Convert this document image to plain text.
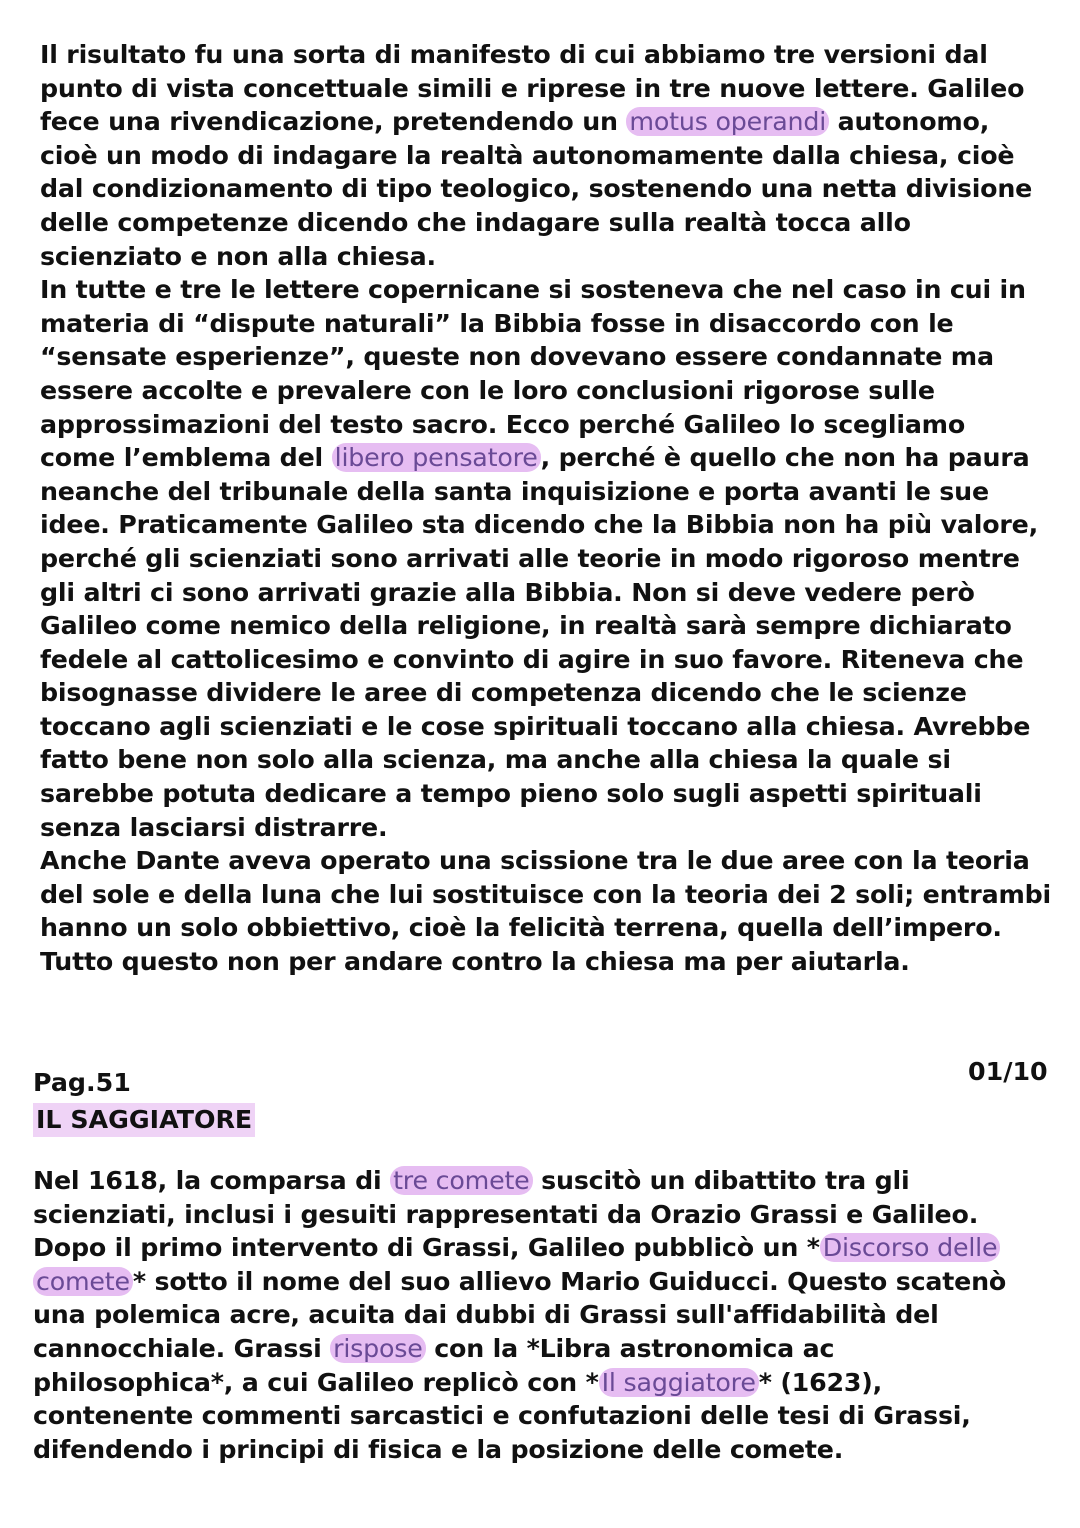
Il risultato fu una sorta di manifesto di cui abbiamo tre versioni dal
punto di vista concettuale simili e riprese in tre nuove lettere. Galileo
fece una rivendicazione, pretendendo un motus operandi autonomo,
cioè un modo di indagare la realtà autonomamente dalla chiesa, cioè
dal condizionamento di tipo teologico, sostenendo una netta divisione
delle competenze dicendo che indagare sulla realtà tocca allo
scienziato e non alla chiesa.
In tutte e tre le lettere copernicane si sosteneva che nel caso in cui in
materia di “dispute naturali” la Bibbia fosse in disaccordo con le
“sensate esperienze”, queste non dovevano essere condannate ma
essere accolte e prevalere con le loro conclusioni rigorose sulle
approssimazioni del testo sacro. Ecco perché Galileo lo scegliamo
come l’emblema del libero pensatore , perché è quello che non ha paura
neanche del tribunale della santa inquisizione e porta avanti le sue
idee. Praticamente Galileo sta dicendo che la Bibbia non ha più valore,
perché gli scienziati sono arrivati alle teorie in modo rigoroso mentre
gli altri ci sono arrivati grazie alla Bibbia. Non si deve vedere però
Galileo come nemico della religione, in realtà sarà sempre dichiarato
fedele al cattolicesimo e convinto di agire in suo favore. Riteneva che
bisognasse dividere le aree di competenza dicendo che le scienze
toccano agli scienziati e le cose spirituali toccano alla chiesa. Avrebbe
fatto bene non solo alla scienza, ma anche alla chiesa la quale si
sarebbe potuta dedicare a tempo pieno solo sugli aspetti spirituali
senza lasciarsi distrarre.
Anche Dante aveva operato una scissione tra le due aree con la teoria
del sole e della luna che lui sostituisce con la teoria dei 2 soli; entrambi
hanno un solo obbiettivo, cioè la felicità terrena, quella dell’impero.
Tutto questo non per andare contro la chiesa ma per aiutarla.
Pag.51	01/10
IL SAGGIATORE
Nel 1618, la comparsa di tre comete suscitò un dibattito tra gli
scienziati, inclusi i gesuiti rappresentati da Orazio Grassi e Galileo.
Dopo il primo intervento di Grassi, Galileo pubblicò un * Discorso delle
comete * sotto il nome del suo allievo Mario Guiducci. Questo scatenò
una polemica acre, acuita dai dubbi di Grassi sull'affidabilità del
cannocchiale. Grassi rispose con la *Libra astronomica ac
philosophica*, a cui Galileo replicò con * Il saggiatore * (1623),
contenente commenti sarcastici e confutazioni delle tesi di Grassi,
difendendo i principi di fisica e la posizione delle comete.
